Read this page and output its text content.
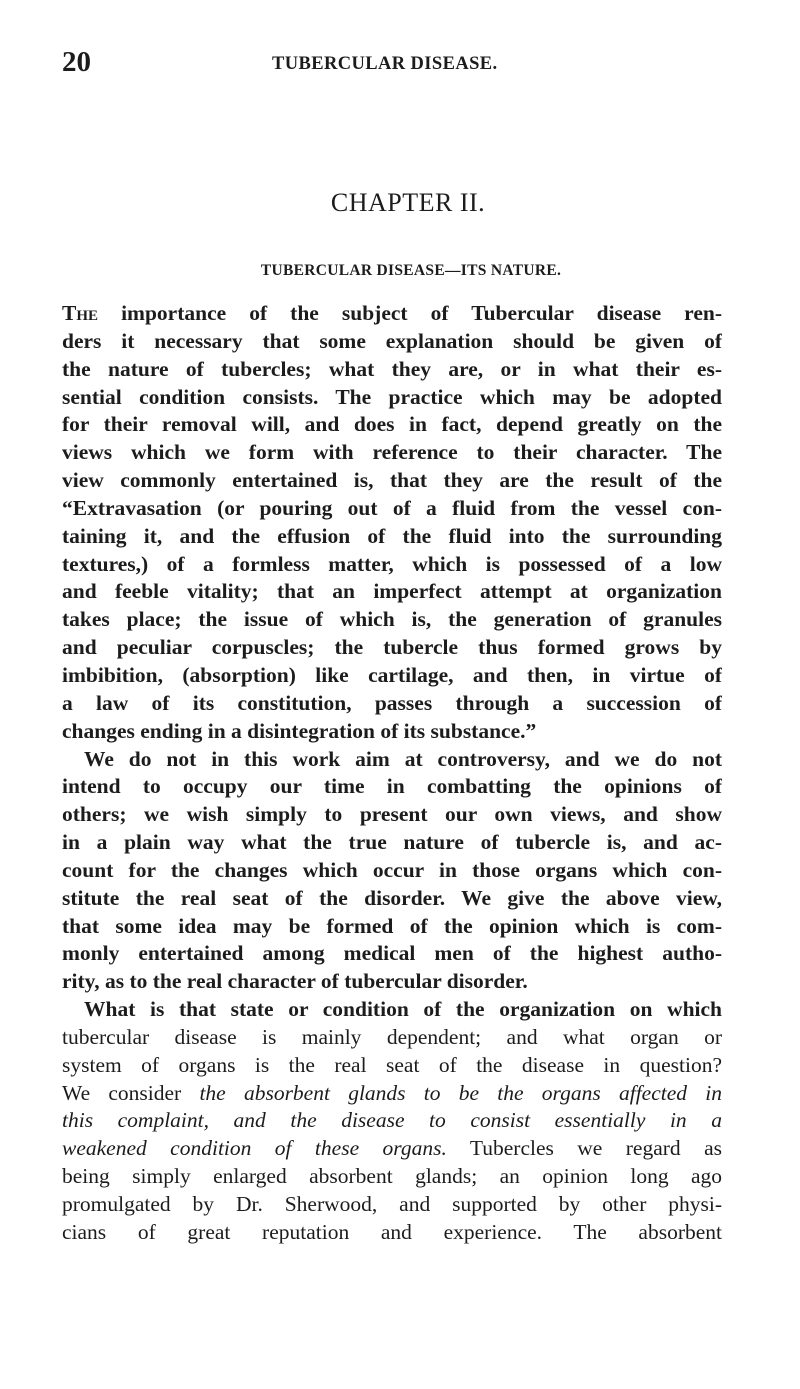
20	TUBERCULAR DISEASE.
CHAPTER II.
TUBERCULAR DISEASE—ITS NATURE.
The importance of the subject of Tubercular disease ren-
ders it necessary that some explanation should be given of
the nature of tubercles; what they are, or in what their es-
sential condition consists. The practice which may be adopted
for their removal will, and does in fact, depend greatly on the
views which we form with reference to their character. The
view commonly entertained is, that they are the result of the
“Extravasation (or pouring out of a fluid from the vessel con-
taining it, and the effusion of the fluid into the surrounding
textures,) of a formless matter, which is possessed of a low
and feeble vitality; that an imperfect attempt at organization
takes place; the issue of which is, the generation of granules
and peculiar corpuscles; the tubercle thus formed grows by
imbibition, (absorption) like cartilage, and then, in virtue of
a law of its constitution, passes through a succession of
changes ending in a disintegration of its substance.”
We do not in this work aim at controversy, and we do not
intend to occupy our time in combatting the opinions of
others; we wish simply to present our own views, and show
in a plain way what the true nature of tubercle is, and ac-
count for the changes which occur in those organs which con-
stitute the real seat of the disorder. We give the above view,
that some idea may be formed of the opinion which is com-
monly entertained among medical men of the highest autho-
rity, as to the real character of tubercular disorder.
What is that state or condition of the organization on which
tubercular disease is mainly dependent; and what organ or
system of organs is the real seat of the disease in question?
We consider the absorbent glands to be the organs affected in
this complaint, and the disease to consist essentially in a
weakened condition of these organs. Tubercles we regard as
being simply enlarged absorbent glands; an opinion long ago
promulgated by Dr. Sherwood, and supported by other physi-
cians of great reputation and experience. The absorbent
